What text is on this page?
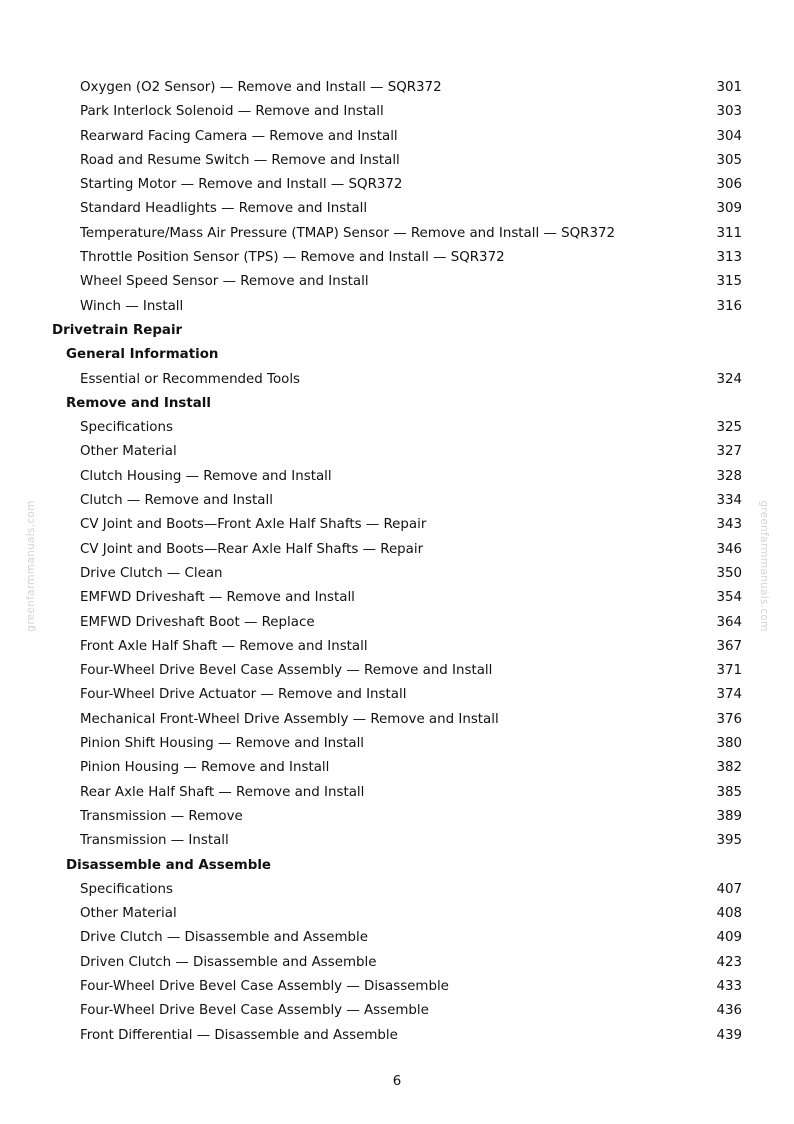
greenfarmmanuals.com	greenfarmmanuals.com
Oxygen (O2 Sensor) — Remove and Install — SQR372	301
Park Interlock Solenoid — Remove and Install	303
Rearward Facing Camera — Remove and Install	304
Road and Resume Switch — Remove and Install	305
Starting Motor — Remove and Install — SQR372	306
Standard Headlights — Remove and Install	309
Temperature/Mass Air Pressure (TMAP) Sensor — Remove and Install — SQR372	311
Throttle Position Sensor (TPS) — Remove and Install — SQR372	313
Wheel Speed Sensor — Remove and Install	315
Winch — Install	316
Drivetrain Repair
General Information
Essential or Recommended Tools	324
Remove and Install
Specifications	325
Other Material	327
Clutch Housing — Remove and Install	328
Clutch — Remove and Install	334
CV Joint and Boots—Front Axle Half Shafts — Repair	343
CV Joint and Boots—Rear Axle Half Shafts — Repair	346
Drive Clutch — Clean	350
EMFWD Driveshaft — Remove and Install	354
EMFWD Driveshaft Boot — Replace	364
Front Axle Half Shaft — Remove and Install	367
Four-Wheel Drive Bevel Case Assembly — Remove and Install	371
Four-Wheel Drive Actuator — Remove and Install	374
Mechanical Front-Wheel Drive Assembly — Remove and Install	376
Pinion Shift Housing — Remove and Install	380
Pinion Housing — Remove and Install	382
Rear Axle Half Shaft — Remove and Install	385
Transmission — Remove	389
Transmission — Install	395
Disassemble and Assemble
Specifications	407
Other Material	408
Drive Clutch — Disassemble and Assemble	409
Driven Clutch — Disassemble and Assemble	423
Four-Wheel Drive Bevel Case Assembly — Disassemble	433
Four-Wheel Drive Bevel Case Assembly — Assemble	436
Front Differential — Disassemble and Assemble	439
6
